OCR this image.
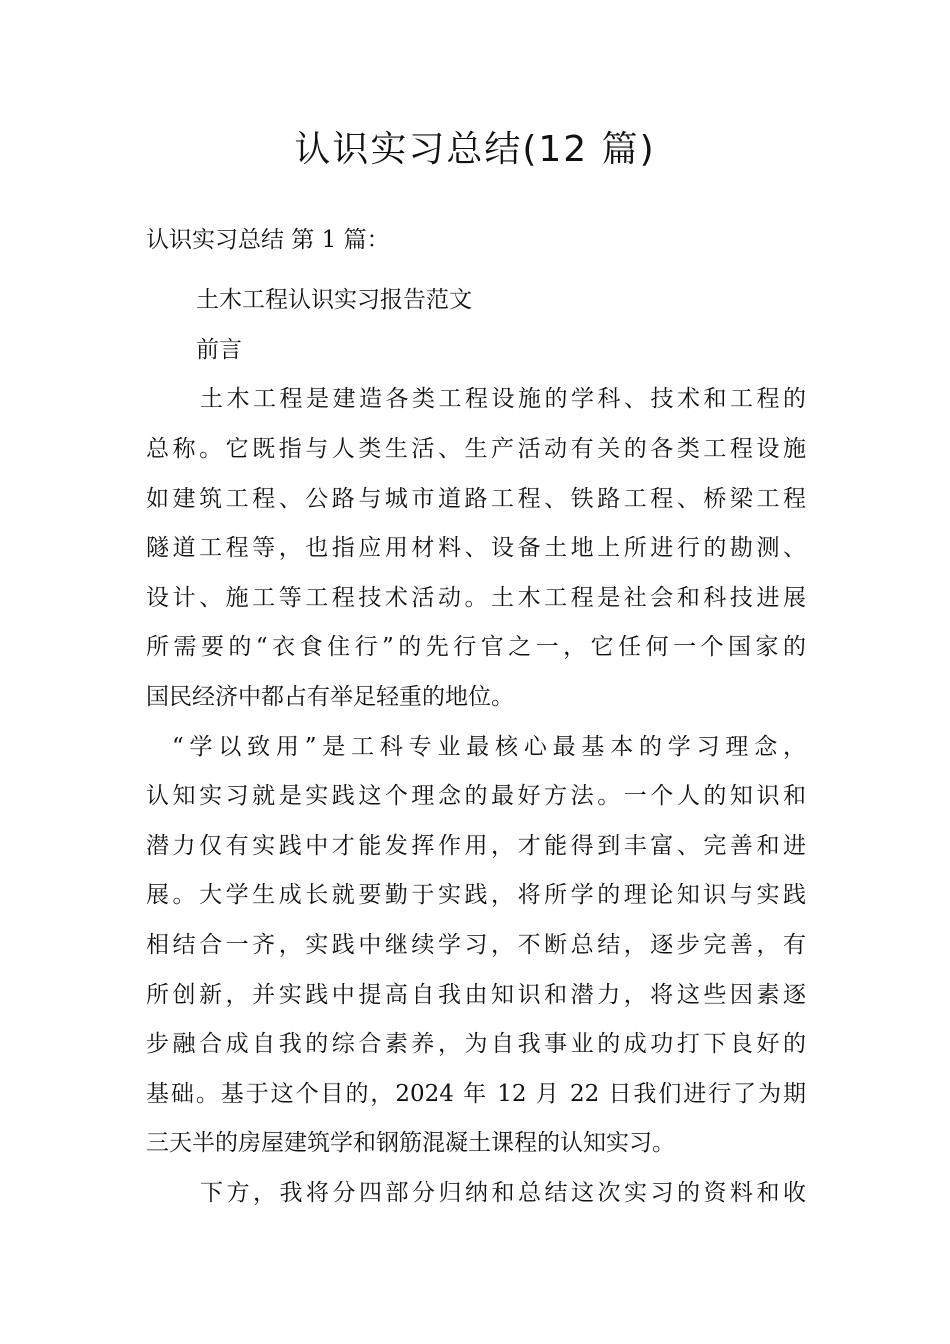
认识实习总结(12 篇)

认识实习总结 第 1 篇：

土木工程认识实习报告范文

前言

土木工程是建造各类工程设施的学科、技术和工程的

总称。它既指与人类生活、生产活动有关的各类工程设施

如建筑工程、公路与城市道路工程、铁路工程、桥梁工程

隧道工程等，也指应用材料、设备土地上所进行的勘测、

设计、施工等工程技术活动。土木工程是社会和科技进展

所需要的“衣食住行”的先行官之一，它任何一个国家的

国民经济中都占有举足轻重的地位。

“学以致用”是工科专业最核心最基本的学习理念，

认知实习就是实践这个理念的最好方法。一个人的知识和

潜力仅有实践中才能发挥作用，才能得到丰富、完善和进

展。大学生成长就要勤于实践，将所学的理论知识与实践

相结合一齐，实践中继续学习，不断总结，逐步完善，有

所创新，并实践中提高自我由知识和潜力，将这些因素逐

步融合成自我的综合素养，为自我事业的成功打下良好的

基础。基于这个目的，2024 年 12 月 22 日我们进行了为期

三天半的房屋建筑学和钢筋混凝土课程的认知实习。

下方，我将分四部分归纳和总结这次实习的资料和收
